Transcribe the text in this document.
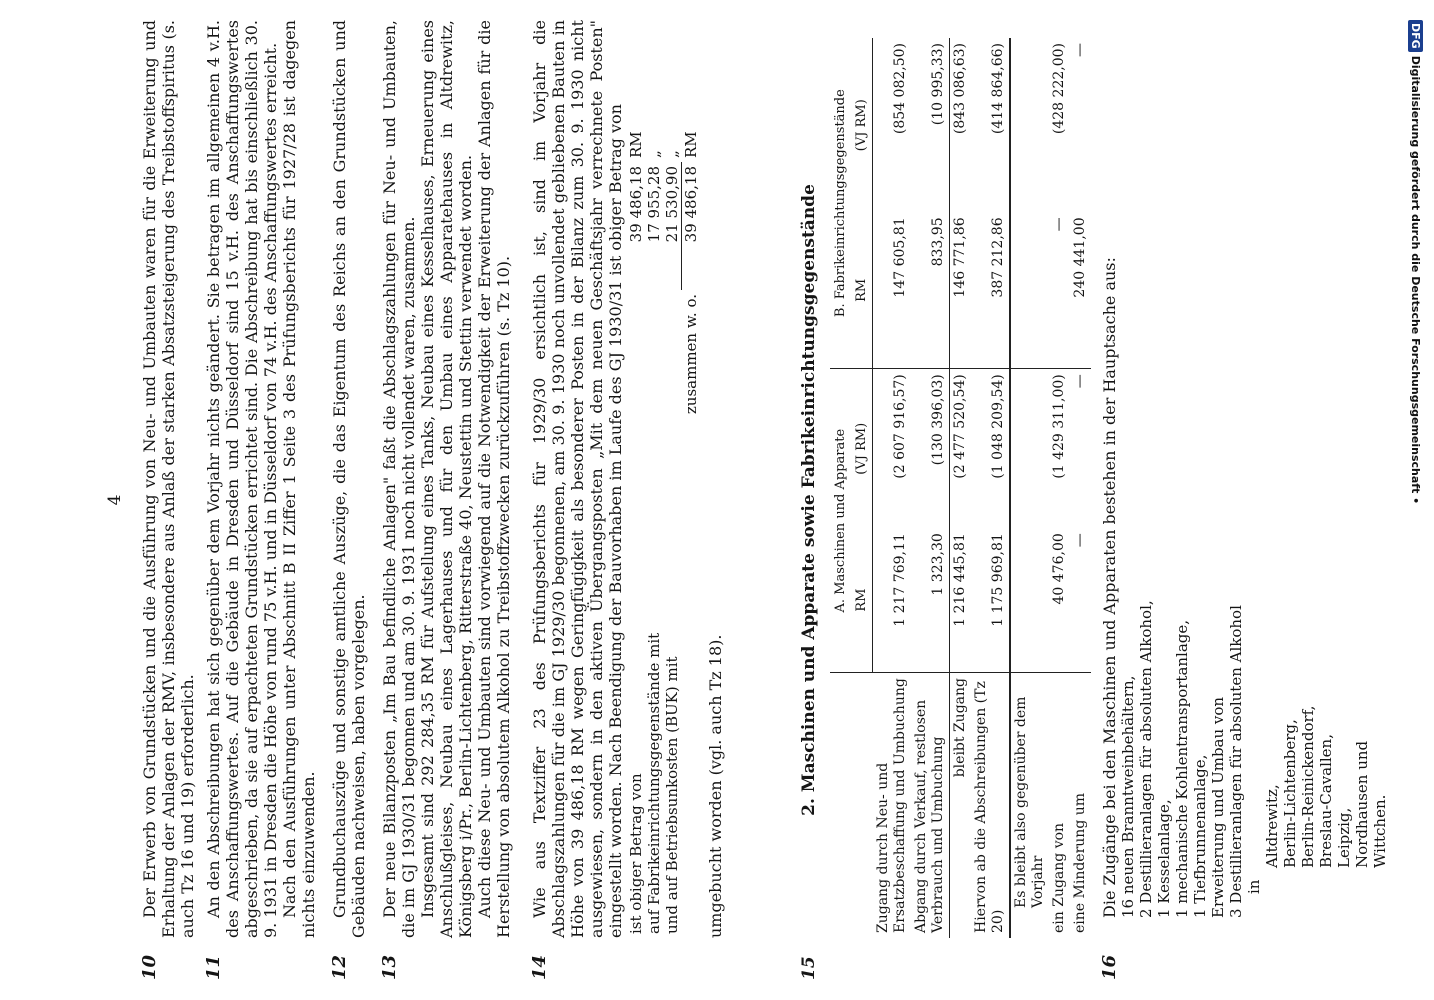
4
10

Der Erwerb von Grundstücken und die Ausführung von Neu- und Umbauten waren für die Erweiterung und Erhaltung der Anlagen der RMV, insbesondere aus Anlaß der starken Absatzsteigerung des Treibstoffspiritus (s. auch Tz 16 und 19) erforderlich.

11

An den Abschreibungen hat sich gegenüber dem Vorjahr nichts geändert. Sie betragen im allgemeinen 4 v.H. des Anschaffungswertes. Auf die Gebäude in Dresden und Düsseldorf sind 15 v.H. des Anschaffungswertes abgeschrieben, da sie auf erpachteten Grundstücken errichtet sind. Die Abschreibung hat bis einschließlich 30. 9. 1931 in Dresden die Höhe von rund 75 v.H. und in Düsseldorf von 74 v.H. des Anschaffungswertes erreicht. Nach den Ausführungen unter Abschnitt B II Ziffer 1 Seite 3 des Prüfungsberichts für 1927/28 ist dagegen nichts einzuwenden.

12

Grundbuchauszüge und sonstige amtliche Auszüge, die das Eigentum des Reichs an den Grundstücken und Gebäuden nachweisen, haben vorgelegen.

13

Der neue Bilanzposten „Im Bau befindliche Anlagen" faßt die Abschlagszahlungen für Neu- und Umbauten, die im GJ 1930/31 begonnen und am 30. 9. 1931 noch nicht vollendet waren, zusammen. Insgesamt sind 292 284,35 RM für Aufstellung eines Tanks, Neubau eines Kesselhauses, Erneuerung eines Anschlußgleises, Neubau eines Lagerhauses und für den Umbau eines Apparatehauses in Altdrewitz, Königsberg i/Pr., Berlin-Lichtenberg, Ritterstraße 40, Neustettin und Stettin verwendet worden. Auch diese Neu- und Umbauten sind vorwiegend auf die Notwendigkeit der Erweiterung der Anlagen für die Herstellung von absolutem Alkohol zu Treibstoffzwecken zurückzuführen (s. Tz 10).

14

Wie aus Textziffer 23 des Prüfungsberichts für 1929/30 ersichtlich ist, sind im Vorjahr die Abschlagszahlungen für die im GJ 1929/30 begonnenen, am 30. 9. 1930 noch unvollendet gebliebenen Bauten in Höhe von 39 486,18 RM wegen Geringfügigkeit als besonderer Posten in der Bilanz zum 30. 9. 1930 nicht ausgewiesen, sondern in den aktiven Übergangsposten „Mit dem neuen Geschäftsjahr verrechnete Posten" eingestellt worden. Nach Beendigung der Bauvorhaben im Laufe des GJ 1930/31 ist obiger Betrag von ist obiger Betrag von	39 486,18	RM
auf Fabrikeinrichtungsgegenstände mit	17 955,28	„
und auf Betriebsunkosten (BUK) mit	21 530,90	„
zusammen w. o.	39 486,18	RM

umgebucht worden (vgl. auch Tz 18).

15
2. Maschinen und Apparate sowie Fabrikeinrichtungsgegenstände
	A. Maschinen und Apparate		B. Fabrikeinrichtungsgegenstände	
	RM	(VJ RM)	RM	(VJ RM)
Zugang durch Neu- und Ersatzbeschaffung und Umbuchung	1 217 769,11	(2 607 916,57)	147 605,81	(854 082,50)
Abgang durch Verkauf, restlosen Verbrauch und Umbuchung	1 323,30	(130 396,03)	833,95	(10 995,33)
bleibt Zugang	1 216 445,81	(2 477 520,54)	146 771,86	(843 086,63)
Hiervon ab die Abschreibungen (Tz 20)	1 175 969,81	(1 048 209,54)	387 212,86	(414 864,66)
Es bleibt also gegenüber dem Vorjahr				
ein Zugang von	40 476,00	(1 429 311,00)	—	(428 222,00)
eine Minderung um	—	—	240 441,00	—
16

Die Zugänge bei den Maschinen und Apparaten bestehen in der Hauptsache aus: 16 neuen Branntweinbehältern, 2 Destillieranlagen für absoluten Alkohol, 1 Kesselanlage, 1 mechanische Kohlentransportanlage, 1 Tiefbrunnenanlage, Erweiterung und Umbau von 3 Destillieranlagen für absoluten Alkohol in
Altdrewitz, Berlin-Lichtenberg, Berlin-Reinickendorf, Breslau-Cavallen, Leipzig, Nordhausen und Wittchen.
DFGDigitalisierung gefördert durch die Deutsche Forschungsgemeinschaft •
